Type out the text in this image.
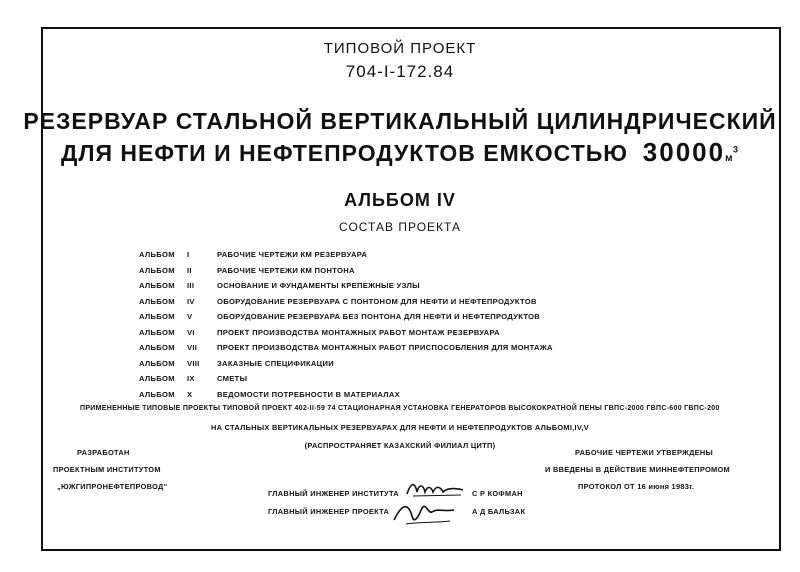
ТИПОВОЙ ПРОЕКТ
704-I-172.84
РЕЗЕРВУАР СТАЛЬНОЙ ВЕРТИКАЛЬНЫЙ ЦИЛИНДРИЧЕСКИЙ
ДЛЯ НЕФТИ И НЕФТЕПРОДУКТОВ ЕМКОСТЬЮ $30000м^3$
АЛЬБОМ IV
СОСТАВ ПРОЕКТА
АЛЬБОМ	I	РАБОЧИЕ ЧЕРТЕЖИ КМ РЕЗЕРВУАРА
АЛЬБОМ	II	РАБОЧИЕ ЧЕРТЕЖИ КМ ПОНТОНА
АЛЬБОМ	III	ОСНОВАНИЕ И ФУНДАМЕНТЫ КРЕПЕЖНЫЕ УЗЛЫ
АЛЬБОМ	IV	ОБОРУДОВАНИЕ РЕЗЕРВУАРА С ПОНТОНОМ ДЛЯ НЕФТИ И НЕФТЕПРОДУКТОВ
АЛЬБОМ	V	ОБОРУДОВАНИЕ РЕЗЕРВУАРА БЕЗ ПОНТОНА ДЛЯ НЕФТИ И НЕФТЕПРОДУКТОВ
АЛЬБОМ	VI	ПРОЕКТ ПРОИЗВОДСТВА МОНТАЖНЫХ РАБОТ МОНТАЖ РЕЗЕРВУАРА
АЛЬБОМ	VII	ПРОЕКТ ПРОИЗВОДСТВА МОНТАЖНЫХ РАБОТ ПРИСПОСОБЛЕНИЯ ДЛЯ МОНТАЖА
АЛЬБОМ	VIII	ЗАКАЗНЫЕ СПЕЦИФИКАЦИИ
АЛЬБОМ	IX	СМЕТЫ
АЛЬБОМ	X	ВЕДОМОСТИ ПОТРЕБНОСТИ В МАТЕРИАЛАХ
ПРИМЕНЕННЫЕ ТИПОВЫЕ ПРОЕКТЫ ТИПОВОЙ ПРОЕКТ 402-II-59 74 СТАЦИОНАРНАЯ УСТАНОВКА ГЕНЕРАТОРОВ ВЫСОКОКРАТНОЙ ПЕНЫ ГВПС-2000 ГВПС-600 ГВПС-200
НА СТАЛЬНЫХ ВЕРТИКАЛЬНЫХ РЕЗЕРВУАРАХ ДЛЯ НЕФТИ И НЕФТЕПРОДУКТОВ АЛЬБОМI,IV,V
(РАСПРОСТРАНЯЕТ КАЗАХСКИЙ ФИЛИАЛ ЦИТП)
РАЗРАБОТАН
ПРОЕКТНЫМ ИНСТИТУТОМ
„ЮЖГИПРОНЕФТЕПРОВОД"
РАБОЧИЕ ЧЕРТЕЖИ УТВЕРЖДЕНЫ
И ВВЕДЕНЫ В ДЕЙСТВИЕ МИННЕФТЕПРОМОМ
ПРОТОКОЛ ОТ 16 июня 1983г.
ГЛАВНЫЙ ИНЖЕНЕР ИНСТИТУТА	С Р КОФМАН
ГЛАВНЫЙ ИНЖЕНЕР ПРОЕКТА	А Д БАЛЬЗАК
